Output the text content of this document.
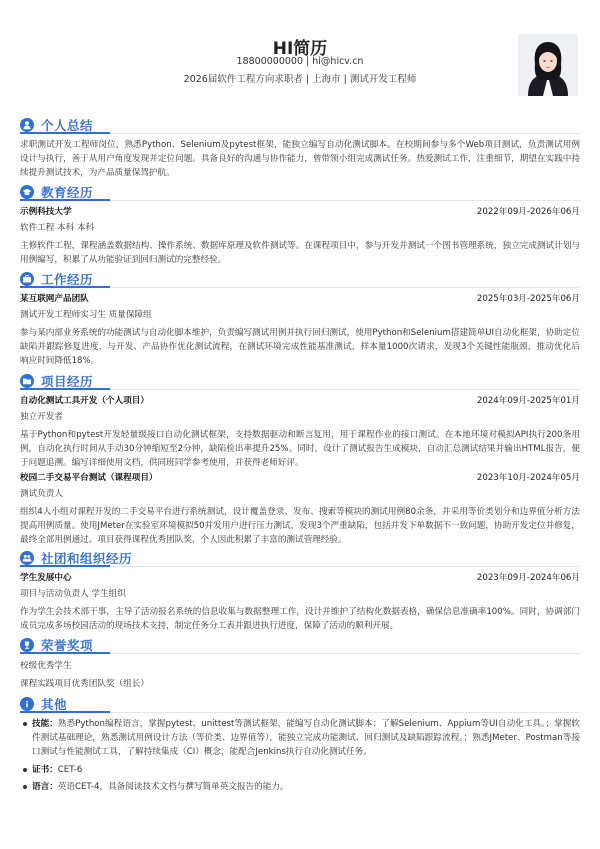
HI简历
18800000000 | hi@hicv.cn
2026届软件工程方向求职者 | 上海市 | 测试开发工程师
个人总结
求职测试开发工程师岗位，熟悉Python、Selenium及pytest框架，能独立编写自动化测试脚本。在校期间参与多个Web项目测试，负责测试用例设计与执行，善于从用户角度发现并定位问题。具备良好的沟通与协作能力，曾带领小组完成测试任务。热爱测试工作，注重细节，期望在实践中持续提升测试技术，为产品质量保驾护航。
教育经历
示例科技大学	2022年09月-2026年06月
软件工程 本科 本科
主修软件工程，课程涵盖数据结构、操作系统、数据库原理及软件测试等。在课程项目中，参与开发并测试一个图书管理系统，独立完成测试计划与用例编写，积累了从功能验证到回归测试的完整经验。
工作经历
某互联网产品团队	2025年03月-2025年06月
测试开发工程师实习生 质量保障组
参与某内部业务系统的功能测试与自动化脚本维护，负责编写测试用例并执行回归测试，使用Python和Selenium搭建简单UI自动化框架，协助定位缺陷并跟踪修复进度，与开发、产品协作优化测试流程，在测试环境完成性能基准测试，样本量1000次请求，发现3个关键性能瓶颈，推动优化后响应时间降低18%。
项目经历
自动化测试工具开发（个人项目）	2024年09月-2025年01月
独立开发者
基于Python和pytest开发轻量级接口自动化测试框架，支持数据驱动和断言复用，用于课程作业的接口测试。在本地环境对模拟API执行200条用例，自动化执行时间从手动30分钟缩短至2分钟，缺陷检出率提升25%。同时，设计了测试报告生成模块，自动汇总测试结果并输出HTML报告，便于问题追溯。编写详细使用文档，供同班同学参考使用，并获得老师好评。
校园二手交易平台测试（课程项目）	2023年10月-2024年05月
测试负责人
组织4人小组对课程开发的二手交易平台进行系统测试，设计覆盖登录、发布、搜索等模块的测试用例80余条，并采用等价类划分和边界值分析方法提高用例质量。使用JMeter在实验室环境模拟50并发用户进行压力测试，发现3个严重缺陷，包括并发下单数据不一致问题，协助开发定位并修复，最终全部用例通过。项目获得课程优秀团队奖，个人因此积累了丰富的测试管理经验。
社团和组织经历
学生发展中心	2023年09月-2024年06月
项目与活动负责人 学生组织
作为学生会技术部干事，主导了活动报名系统的信息收集与数据整理工作，设计并维护了结构化数据表格，确保信息准确率100%。同时，协调部门成员完成多场校园活动的现场技术支持，制定任务分工表并跟进执行进度，保障了活动的顺利开展。
荣誉奖项
校级优秀学生
课程实践项目优秀团队奖（组长）
其他
技能：熟悉Python编程语言，掌握pytest、unittest等测试框架，能编写自动化测试脚本；了解Selenium、Appium等UI自动化工具。；掌握软件测试基础理论，熟悉测试用例设计方法（等价类、边界值等），能独立完成功能测试、回归测试及缺陷跟踪流程。；熟悉JMeter、Postman等接口测试与性能测试工具，了解持续集成（CI）概念，能配合Jenkins执行自动化测试任务。
证书：CET-6
语言：英语CET-4，具备阅读技术文档与撰写简单英文报告的能力。
